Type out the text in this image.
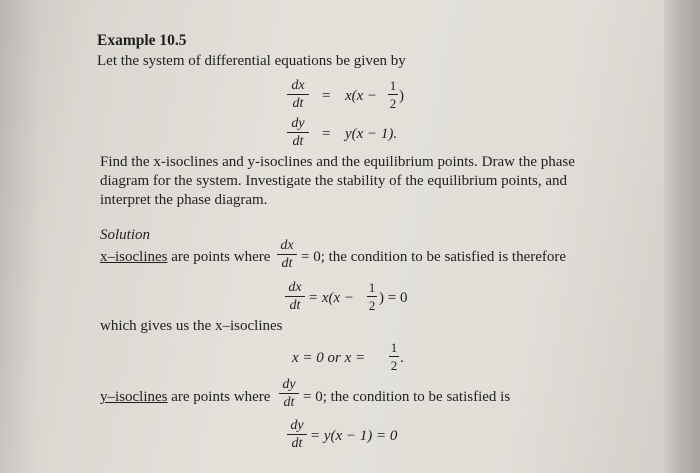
Example 10.5
Let the system of differential equations be given by
dx
dt	= x(x −
1
2 )
dy
dt	= y(x − 1).
Find the x-isoclines and y-isoclines and the equilibrium points. Draw the phase
diagram for the system. Investigate the stability of the equilibrium points, and
interpret the phase diagram.
Solution
x–isoclines are points where
dx
dt = 0; the condition to be satisfied is therefore
dx
dt = x(x −
1
2 ) = 0
which gives us the x–isoclines
x = 0 or x =
1
2 .
y–isoclines are points where
dy
dt = 0; the condition to be satisfied is
dy
dt = y(x − 1) = 0
